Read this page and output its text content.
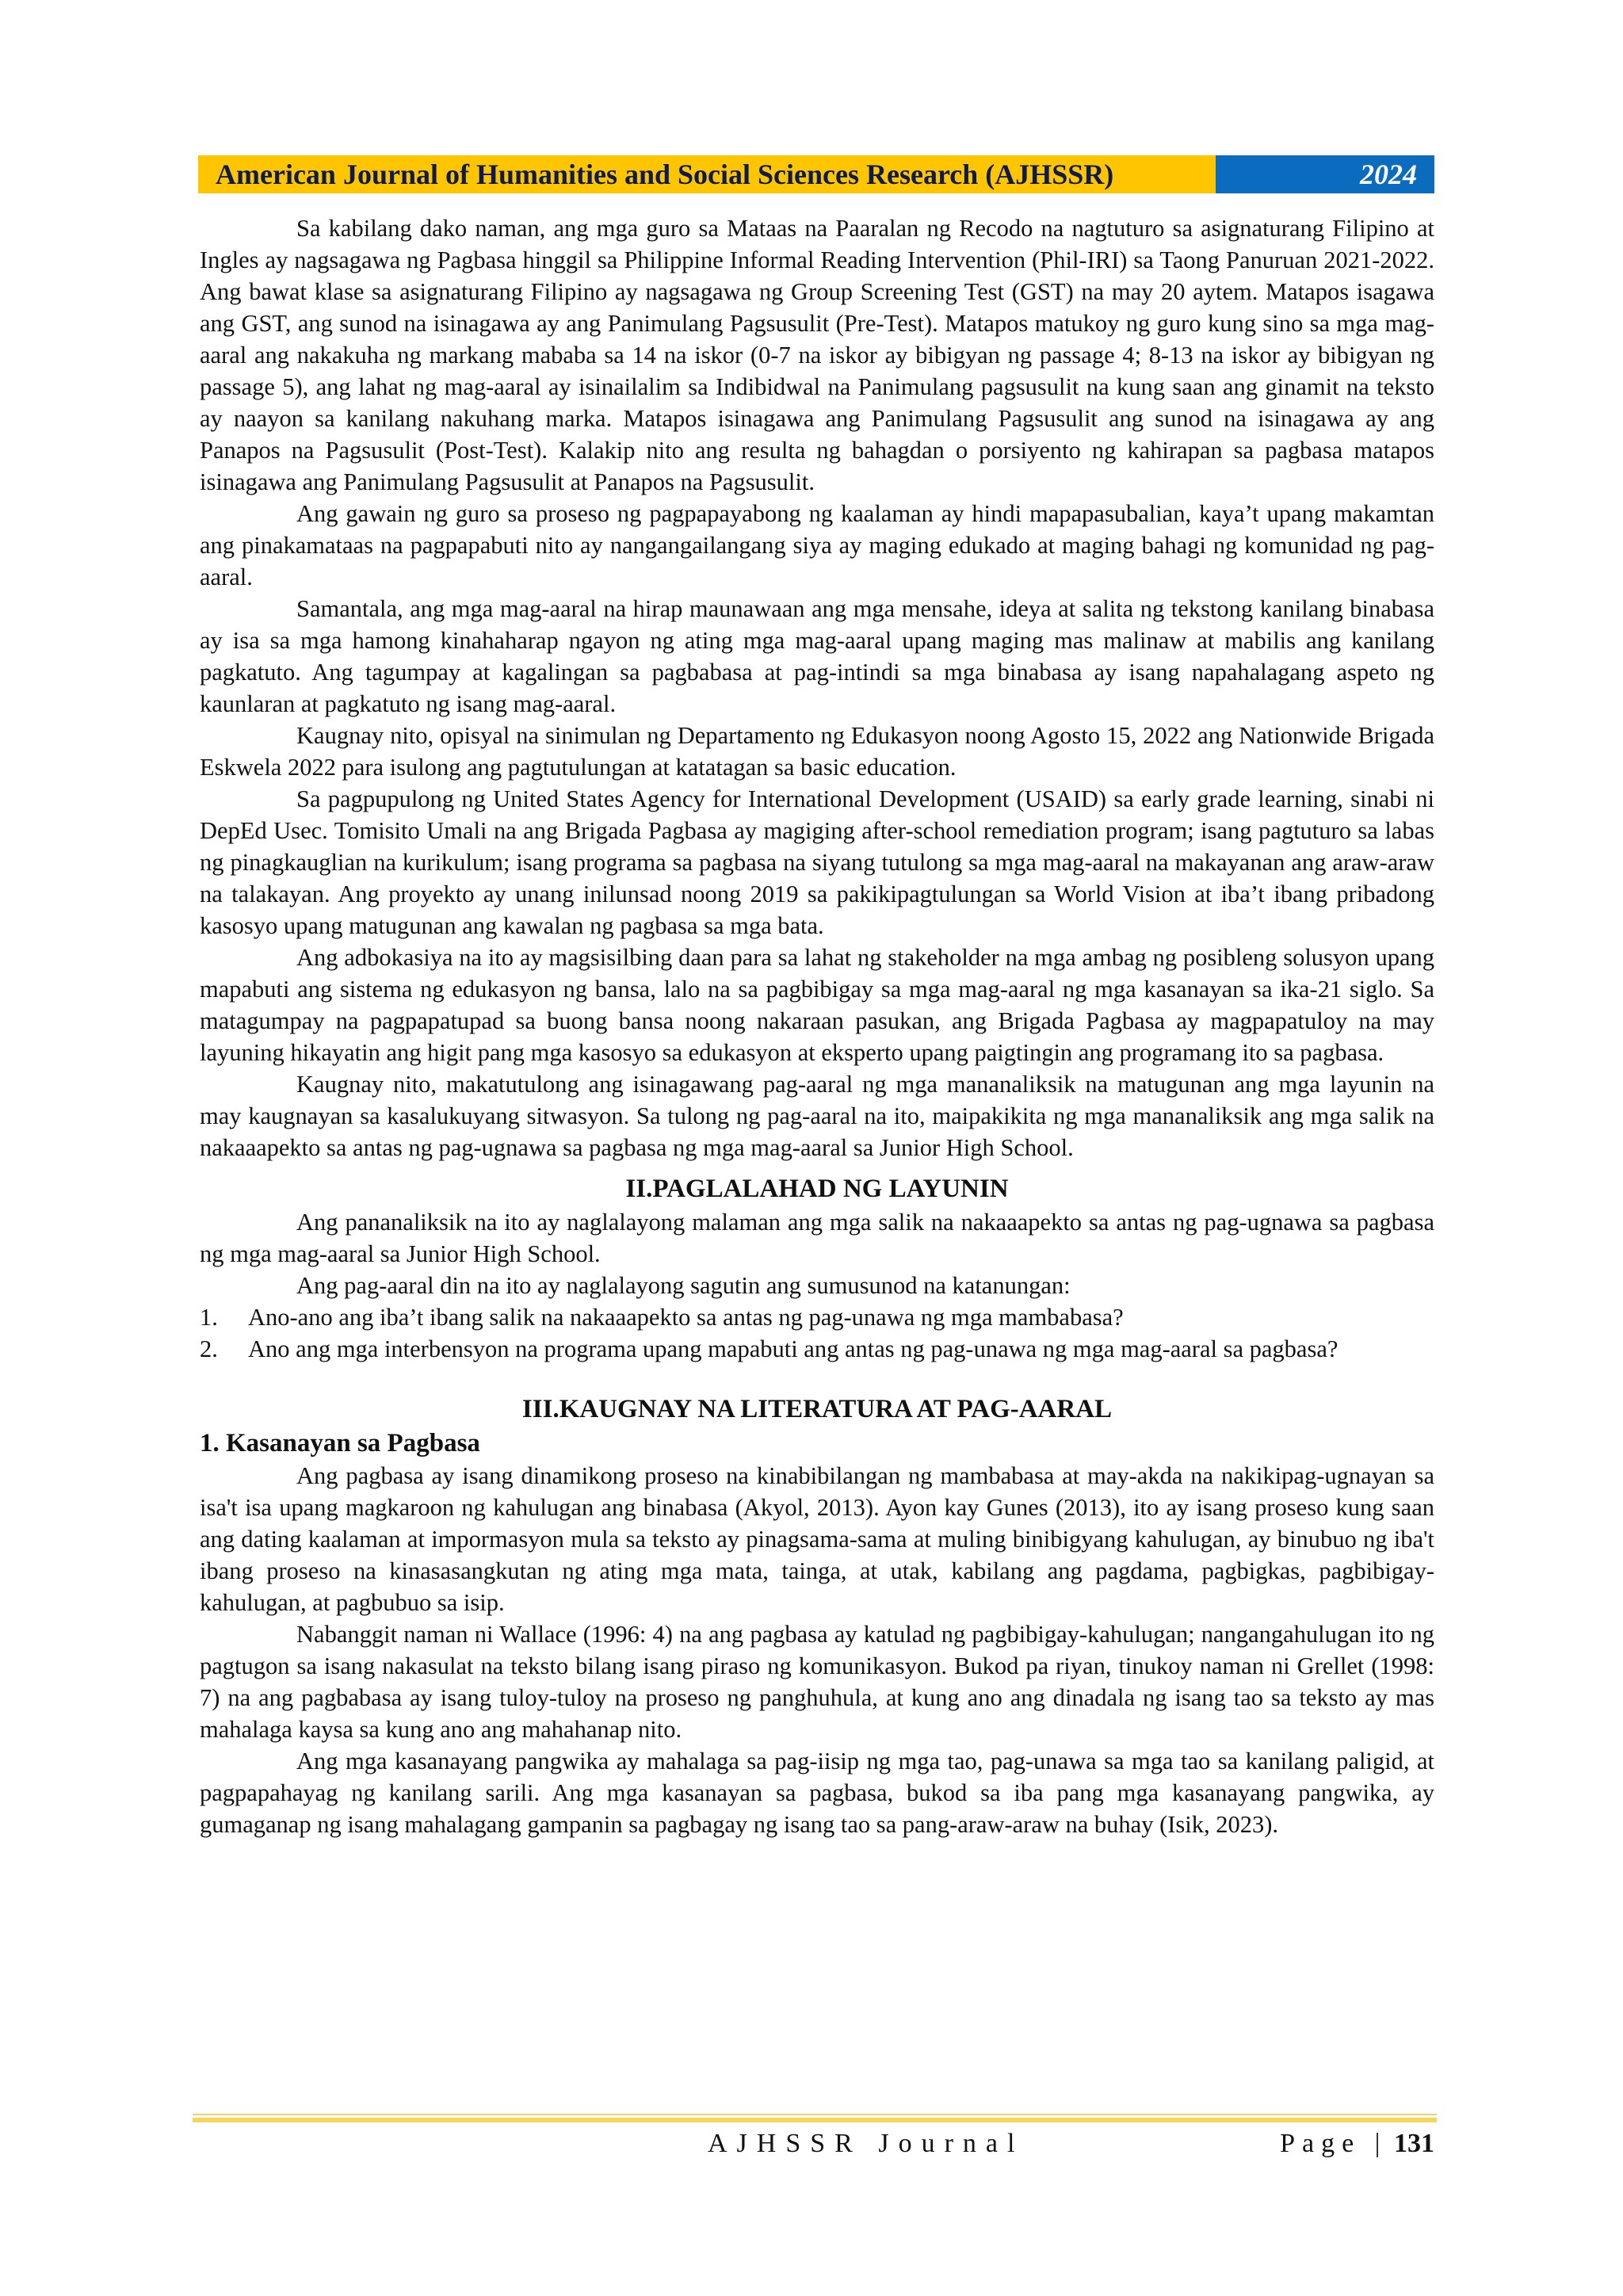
American Journal of Humanities and Social Sciences Research (AJHSSR)	2024

Sa kabilang dako naman, ang mga guro sa Mataas na Paaralan ng Recodo na nagtuturo sa asignaturang Filipino at Ingles ay nagsagawa ng Pagbasa hinggil sa Philippine Informal Reading Intervention (Phil-IRI) sa Taong Panuruan 2021-2022. Ang bawat klase sa asignaturang Filipino ay nagsagawa ng Group Screening Test (GST) na may 20 aytem. Matapos isagawa ang GST, ang sunod na isinagawa ay ang Panimulang Pagsusulit (Pre-Test). Matapos matukoy ng guro kung sino sa mga mag-aaral ang nakakuha ng markang mababa sa 14 na iskor (0-7 na iskor ay bibigyan ng passage 4; 8-13 na iskor ay bibigyan ng passage 5), ang lahat ng mag-aaral ay isinailalim sa Indibidwal na Panimulang pagsusulit na kung saan ang ginamit na teksto ay naayon sa kanilang nakuhang marka. Matapos isinagawa ang Panimulang Pagsusulit ang sunod na isinagawa ay ang Panapos na Pagsusulit (Post-Test). Kalakip nito ang resulta ng bahagdan o porsiyento ng kahirapan sa pagbasa matapos isinagawa ang Panimulang Pagsusulit at Panapos na Pagsusulit.

Ang gawain ng guro sa proseso ng pagpapayabong ng kaalaman ay hindi mapapasubalian, kaya’t upang makamtan ang pinakamataas na pagpapabuti nito ay nangangailangang siya ay maging edukado at maging bahagi ng komunidad ng pag-aaral.

Samantala, ang mga mag-aaral na hirap maunawaan ang mga mensahe, ideya at salita ng tekstong kanilang binabasa ay isa sa mga hamong kinahaharap ngayon ng ating mga mag-aaral upang maging mas malinaw at mabilis ang kanilang pagkatuto. Ang tagumpay at kagalingan sa pagbabasa at pag-intindi sa mga binabasa ay isang napahalagang aspeto ng kaunlaran at pagkatuto ng isang mag-aaral.

Kaugnay nito, opisyal na sinimulan ng Departamento ng Edukasyon noong Agosto 15, 2022 ang Nationwide Brigada Eskwela 2022 para isulong ang pagtutulungan at katatagan sa basic education.

Sa pagpupulong ng United States Agency for International Development (USAID) sa early grade learning, sinabi ni DepEd Usec. Tomisito Umali na ang Brigada Pagbasa ay magiging after-school remediation program; isang pagtuturo sa labas ng pinagkauglian na kurikulum; isang programa sa pagbasa na siyang tutulong sa mga mag-aaral na makayanan ang araw-araw na talakayan. Ang proyekto ay unang inilunsad noong 2019 sa pakikipagtulungan sa World Vision at iba’t ibang pribadong kasosyo upang matugunan ang kawalan ng pagbasa sa mga bata.

Ang adbokasiya na ito ay magsisilbing daan para sa lahat ng stakeholder na mga ambag ng posibleng solusyon upang mapabuti ang sistema ng edukasyon ng bansa, lalo na sa pagbibigay sa mga mag-aaral ng mga kasanayan sa ika-21 siglo. Sa matagumpay na pagpapatupad sa buong bansa noong nakaraan pasukan, ang Brigada Pagbasa ay magpapatuloy na may layuning hikayatin ang higit pang mga kasosyo sa edukasyon at eksperto upang paigtingin ang programang ito sa pagbasa.

Kaugnay nito, makatutulong ang isinagawang pag-aaral ng mga mananaliksik na matugunan ang mga layunin na may kaugnayan sa kasalukuyang sitwasyon. Sa tulong ng pag-aaral na ito, maipakikita ng mga mananaliksik ang mga salik na nakaaapekto sa antas ng pag-ugnawa sa pagbasa ng mga mag-aaral sa Junior High School.

II.PAGLALAHAD NG LAYUNIN

Ang pananaliksik na ito ay naglalayong malaman ang mga salik na nakaaapekto sa antas ng pag-ugnawa sa pagbasa ng mga mag-aaral sa Junior High School.

Ang pag-aaral din na ito ay naglalayong sagutin ang sumusunod na katanungan:

1. Ano-ano ang iba’t ibang salik na nakaaapekto sa antas ng pag-unawa ng mga mambabasa?
2. Ano ang mga interbensyon na programa upang mapabuti ang antas ng pag-unawa ng mga mag-aaral sa pagbasa?
III.KAUGNAY NA LITERATURA AT PAG-AARAL
1. Kasanayan sa Pagbasa

Ang pagbasa ay isang dinamikong proseso na kinabibilangan ng mambabasa at may-akda na nakikipag-ugnayan sa isa't isa upang magkaroon ng kahulugan ang binabasa (Akyol, 2013). Ayon kay Gunes (2013), ito ay isang proseso kung saan ang dating kaalaman at impormasyon mula sa teksto ay pinagsama-sama at muling binibigyang kahulugan, ay binubuo ng iba't ibang proseso na kinasasangkutan ng ating mga mata, tainga, at utak, kabilang ang pagdama, pagbigkas, pagbibigay-kahulugan, at pagbubuo sa isip.

Nabanggit naman ni Wallace (1996: 4) na ang pagbasa ay katulad ng pagbibigay-kahulugan; nangangahulugan ito ng pagtugon sa isang nakasulat na teksto bilang isang piraso ng komunikasyon. Bukod pa riyan, tinukoy naman ni Grellet (1998: 7) na ang pagbabasa ay isang tuloy-tuloy na proseso ng panghuhula, at kung ano ang dinadala ng isang tao sa teksto ay mas mahalaga kaysa sa kung ano ang mahahanap nito.

Ang mga kasanayang pangwika ay mahalaga sa pag-iisip ng mga tao, pag-unawa sa mga tao sa kanilang paligid, at pagpapahayag ng kanilang sarili. Ang mga kasanayan sa pagbasa, bukod sa iba pang mga kasanayang pangwika, ay gumaganap ng isang mahalagang gampanin sa pagbagay ng isang tao sa pang-araw-araw na buhay (Isik, 2023).

AJHSSR Journal	Page | 131
